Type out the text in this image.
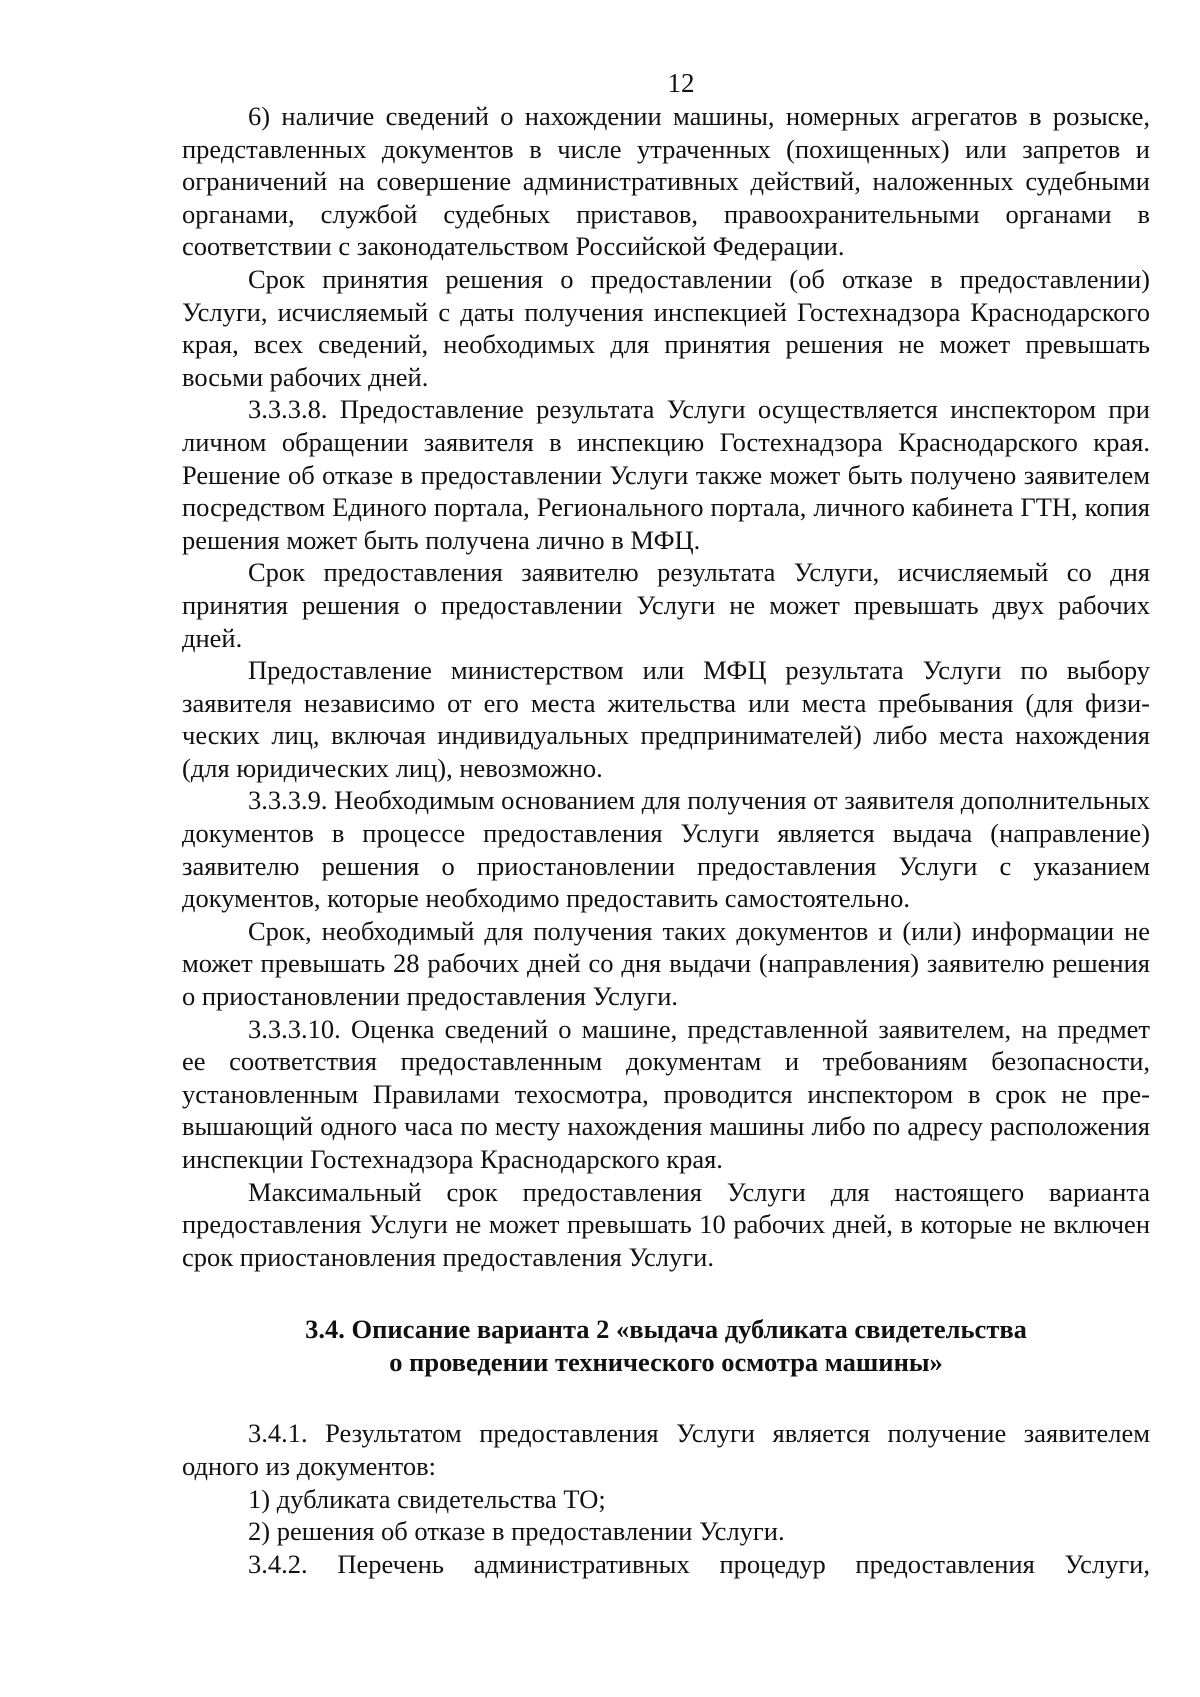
12

6) наличие сведений о нахождении машины, номерных агрегатов в розыске, представленных документов в числе утраченных (похищенных) или запретов и ограничений на совершение административных действий, наложенных судебными органами, службой судебных приставов, правоохранительными органами в соответствии с законодательством Российской Федерации.

Срок принятия решения о предоставлении (об отказе в предоставлении) Услуги, исчисляемый с даты получения инспекцией Гостехнадзора Краснодарского края, всех сведений, необходимых для принятия решения не может превышать восьми рабочих дней.

3.3.3.8. Предоставление результата Услуги осуществляется инспектором при личном обращении заявителя в инспекцию Гостехнадзора Краснодарского края. Решение об отказе в предоставлении Услуги также может быть получено заявителем посредством Единого портала, Регионального портала, личного кабинета ГТН, копия решения может быть получена лично в МФЦ.

Срок предоставления заявителю результата Услуги, исчисляемый со дня принятия решения о предоставлении Услуги не может превышать двух рабочих дней.

Предоставление министерством или МФЦ результата Услуги по выбору заявителя независимо от его места жительства или места пребывания (для физических лиц, включая индивидуальных предпринимателей) либо места нахождения (для юридических лиц), невозможно.

3.3.3.9. Необходимым основанием для получения от заявителя дополнительных документов в процессе предоставления Услуги является выдача (направление) заявителю решения о приостановлении предоставления Услуги с указанием документов, которые необходимо предоставить самостоятельно.

Срок, необходимый для получения таких документов и (или) информации не может превышать 28 рабочих дней со дня выдачи (направления) заявителю решения о приостановлении предоставления Услуги.

3.3.3.10. Оценка сведений о машине, представленной заявителем, на предмет ее соответствия предоставленным документам и требованиям безопасности, установленным Правилами техосмотра, проводится инспектором в срок не превышающий одного часа по месту нахождения машины либо по адресу расположения инспекции Гостехнадзора Краснодарского края.

Максимальный срок предоставления Услуги для настоящего варианта предоставления Услуги не может превышать 10 рабочих дней, в которые не включен срок приостановления предоставления Услуги.

3.4. Описание варианта 2 «выдача дубликата свидетельства
о проведении технического осмотра машины»

3.4.1. Результатом предоставления Услуги является получение заявителем одного из документов:

1) дубликата свидетельства ТО;

2) решения об отказе в предоставлении Услуги.

3.4.2. Перечень административных процедур предоставления Услуги,
